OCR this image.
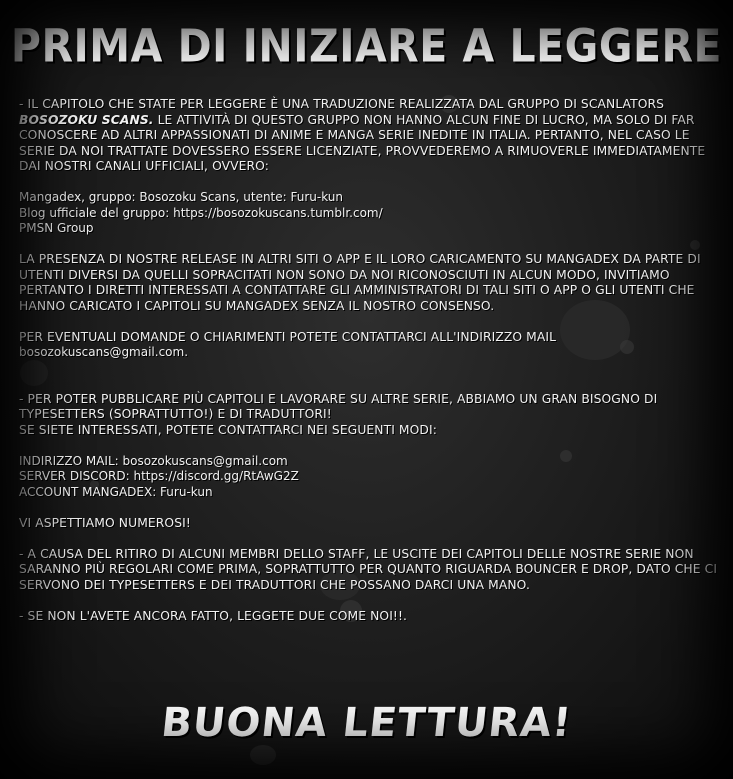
PRIMA DI INIZIARE A LEGGERE

- IL CAPITOLO CHE STATE PER LEGGERE È UNA TRADUZIONE REALIZZATA DAL GRUPPO DI SCANLATORS BOSOZOKU SCANS. LE ATTIVITÀ DI QUESTO GRUPPO NON HANNO ALCUN FINE DI LUCRO, MA SOLO DI FAR CONOSCERE AD ALTRI APPASSIONATI DI ANIME E MANGA SERIE INEDITE IN ITALIA. PERTANTO, NEL CASO LE SERIE DA NOI TRATTATE DOVESSERO ESSERE LICENZIATE, PROVVEDEREMO A RIMUOVERLE IMMEDIATAMENTE DAI NOSTRI CANALI UFFICIALI, OVVERO:

Mangadex, gruppo: Bosozoku Scans, utente: Furu-kun
Blog ufficiale del gruppo: https://bosozokuscans.tumblr.com/
PMSN Group

LA PRESENZA DI NOSTRE RELEASE IN ALTRI SITI O APP E IL LORO CARICAMENTO SU MANGADEX DA PARTE DI UTENTI DIVERSI DA QUELLI SOPRACITATI NON SONO DA NOI RICONOSCIUTI IN ALCUN MODO, INVITIAMO PERTANTO I DIRETTI INTERESSATI A CONTATTARE GLI AMMINISTRATORI DI TALI SITI O APP O GLI UTENTI CHE HANNO CARICATO I CAPITOLI SU MANGADEX SENZA IL NOSTRO CONSENSO.

PER EVENTUALI DOMANDE O CHIARIMENTI POTETE CONTATTARCI ALL'INDIRIZZO MAIL
bosozokuscans@gmail.com.

- PER POTER PUBBLICARE PIÙ CAPITOLI E LAVORARE SU ALTRE SERIE, ABBIAMO UN GRAN BISOGNO DI TYPESETTERS (SOPRATTUTTO!) E DI TRADUTTORI!
SE SIETE INTERESSATI, POTETE CONTATTARCI NEI SEGUENTI MODI:

INDIRIZZO MAIL: bosozokuscans@gmail.com
SERVER DISCORD: https://discord.gg/RtAwG2Z
ACCOUNT MANGADEX: Furu-kun

VI ASPETTIAMO NUMEROSI!

- A CAUSA DEL RITIRO DI ALCUNI MEMBRI DELLO STAFF, LE USCITE DEI CAPITOLI DELLE NOSTRE SERIE NON SARANNO PIÙ REGOLARI COME PRIMA, SOPRATTUTTO PER QUANTO RIGUARDA BOUNCER E DROP, DATO CHE CI SERVONO DEI TYPESETTERS E DEI TRADUTTORI CHE POSSANO DARCI UNA MANO.

- SE NON L'AVETE ANCORA FATTO, LEGGETE DUE COME NOI!!.

BUONA LETTURA!
